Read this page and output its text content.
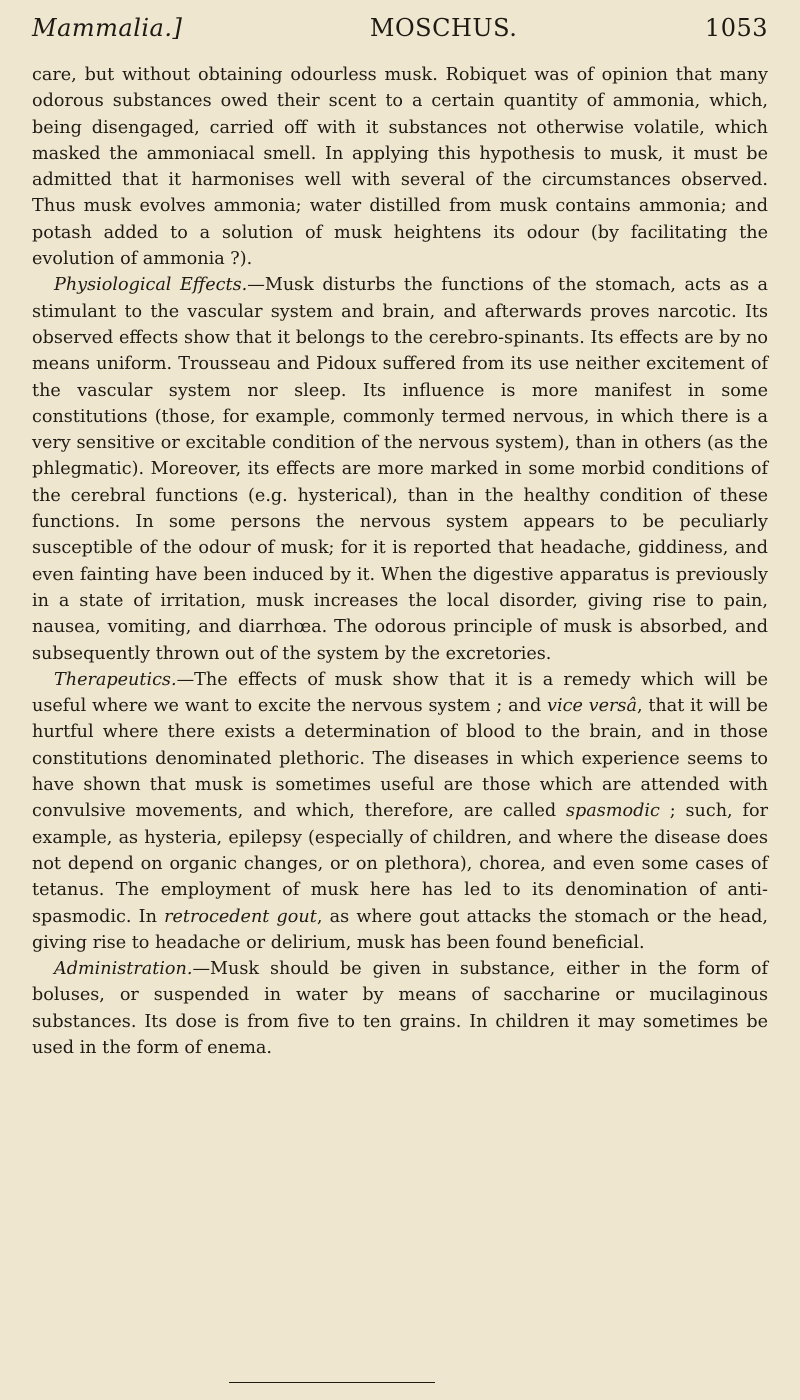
Mammalia.]	MOSCHUS.	1053

care, but without obtaining odourless musk. Robiquet was of opinion that many odorous substances owed their scent to a certain quantity of ammonia, which, being disengaged, carried off with it substances not otherwise volatile, which masked the ammoniacal smell. In applying this hypothesis to musk, it must be admitted that it harmonises well with several of the circumstances observed. Thus musk evolves ammonia; water distilled from musk contains ammonia; and potash added to a solution of musk heightens its odour (by facilitating the evolution of ammonia ?).

Physiological Effects.—Musk disturbs the functions of the stomach, acts as a stimulant to the vascular system and brain, and afterwards proves narcotic. Its observed effects show that it belongs to the cerebro-spinants. Its effects are by no means uniform. Trousseau and Pidoux suffered from its use neither excitement of the vascular system nor sleep. Its influence is more manifest in some constitutions (those, for example, commonly termed nervous, in which there is a very sensitive or excitable condition of the nervous system), than in others (as the phlegmatic). Moreover, its effects are more marked in some morbid conditions of the cerebral functions (e.g. hysterical), than in the healthy condition of these functions. In some persons the nervous system appears to be peculiarly susceptible of the odour of musk; for it is reported that headache, giddiness, and even fainting have been induced by it. When the digestive apparatus is previously in a state of irritation, musk increases the local disorder, giving rise to pain, nausea, vomiting, and diarrhœa. The odorous principle of musk is absorbed, and subsequently thrown out of the system by the excretories.

Therapeutics.—The effects of musk show that it is a remedy which will be useful where we want to excite the nervous system ; and vice versâ, that it will be hurtful where there exists a determination of blood to the brain, and in those constitutions denominated plethoric. The diseases in which experience seems to have shown that musk is sometimes useful are those which are attended with convulsive movements, and which, therefore, are called spasmodic ; such, for example, as hysteria, epilepsy (especially of children, and where the disease does not depend on organic changes, or on plethora), chorea, and even some cases of tetanus. The employment of musk here has led to its denomination of anti-spasmodic. In retrocedent gout, as where gout attacks the stomach or the head, giving rise to headache or delirium, musk has been found beneficial.

Administration.—Musk should be given in substance, either in the form of boluses, or suspended in water by means of saccharine or mucilaginous substances. Its dose is from five to ten grains. In children it may sometimes be used in the form of enema.
